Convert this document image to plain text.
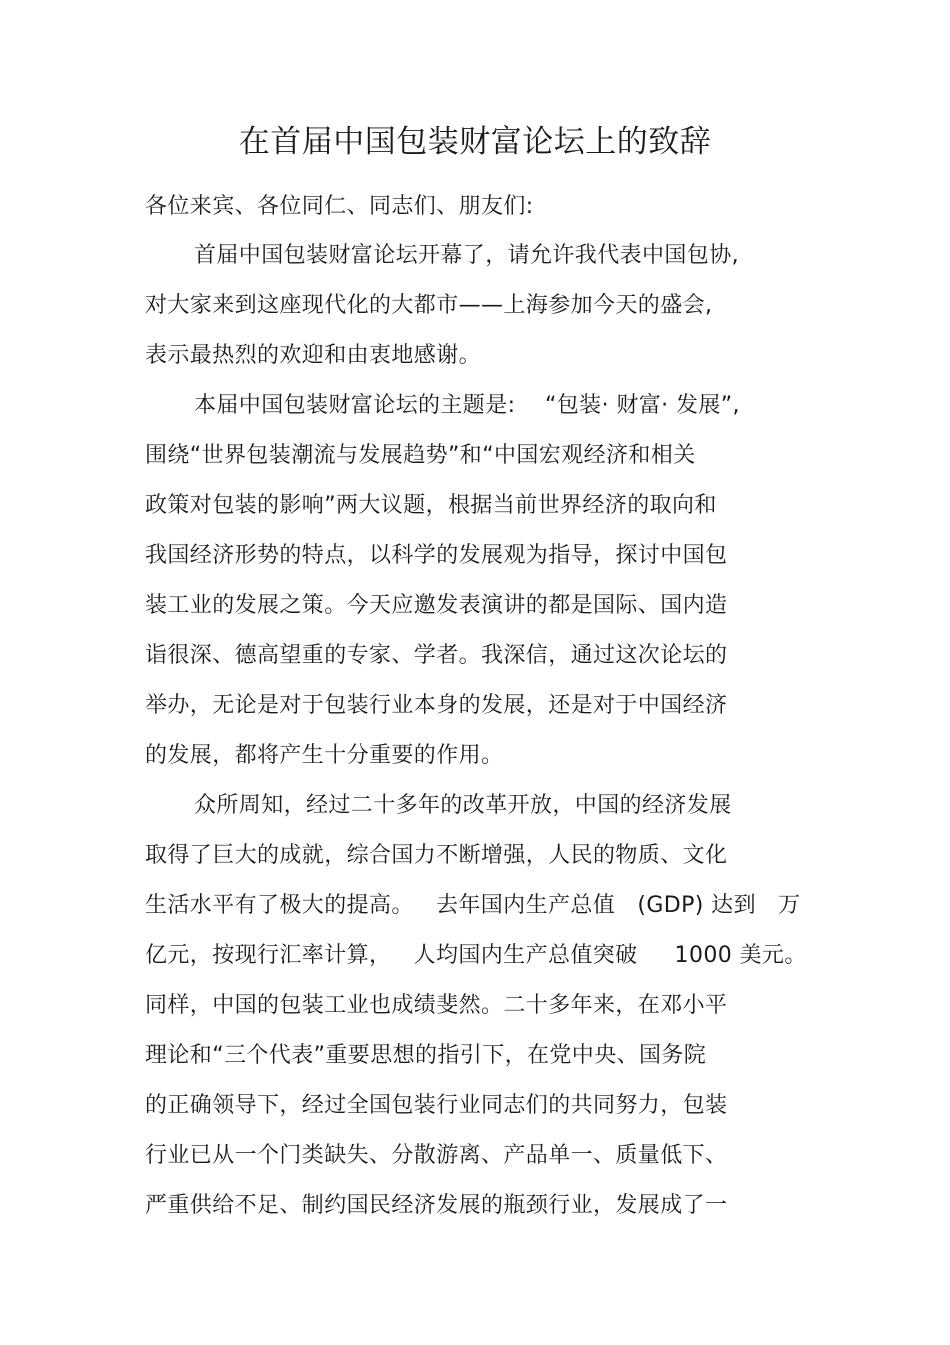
在首届中国包装财富论坛上的致辞
各位来宾、各位同仁、同志们、朋友们:
首届中国包装财富论坛开幕了，请允许我代表中国包协,
对大家来到这座现代化的大都市——上海参加今天的盛会,
表示最热烈的欢迎和由衷地感谢。
本届中国包装财富论坛的主题是:    “包装· 财富· 发展”,
围绕“世界包装潮流与发展趋势”和“中国宏观经济和相关
政策对包装的影响”两大议题，根据当前世界经济的取向和
我国经济形势的特点，以科学的发展观为指导，探讨中国包
装工业的发展之策。今天应邀发表演讲的都是国际、国内造
诣很深、德高望重的专家、学者。我深信，通过这次论坛的
举办，无论是对于包装行业本身的发展，还是对于中国经济
的发展，都将产生十分重要的作用。
众所周知，经过二十多年的改革开放，中国的经济发展
取得了巨大的成就，综合国力不断增强，人民的物质、文化
生活水平有了极大的提高。   去年国内生产总值   (GDP) 达到   万
亿元，按现行汇率计算，   人均国内生产总值突破     1000 美元。
同样，中国的包装工业也成绩斐然。二十多年来，在邓小平
理论和“三个代表”重要思想的指引下，在党中央、国务院
的正确领导下，经过全国包装行业同志们的共同努力，包装
行业已从一个门类缺失、分散游离、产品单一、质量低下、
严重供给不足、制约国民经济发展的瓶颈行业，发展成了一
